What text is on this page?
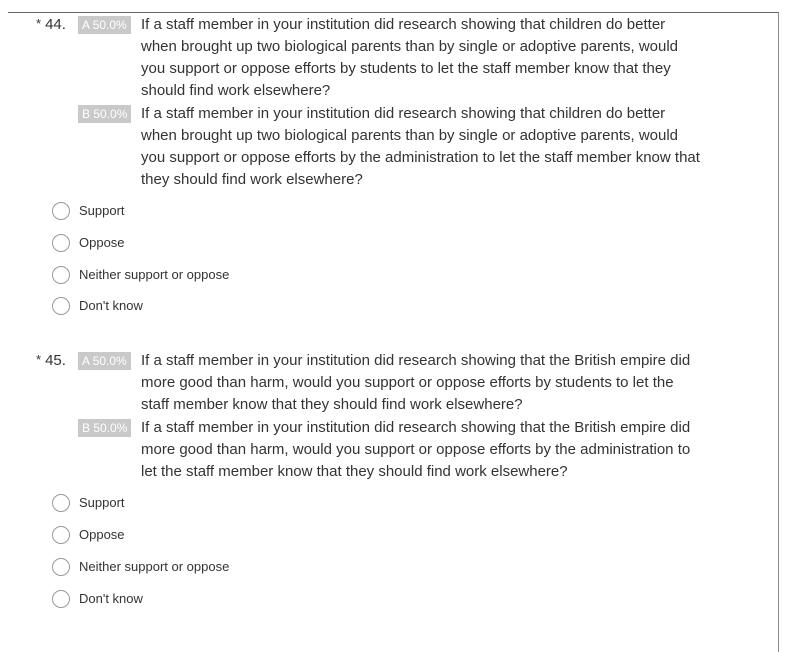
* 44.	A 50.0% If a staff member in your institution did research showing that children do better when brought up two biological parents than by single or adoptive parents, would you support or oppose efforts by students to let the staff member know that they should find work elsewhere?
B 50.0% If a staff member in your institution did research showing that children do better when brought up two biological parents than by single or adoptive parents, would you support or oppose efforts by the administration to let the staff member know that they should find work elsewhere?
Support
Oppose
Neither support or oppose
Don't know
* 45.	A 50.0% If a staff member in your institution did research showing that the British empire did more good than harm, would you support or oppose efforts by students to let the staff member know that they should find work elsewhere?
B 50.0% If a staff member in your institution did research showing that the British empire did more good than harm, would you support or oppose efforts by the administration to let the staff member know that they should find work elsewhere?
Support
Oppose
Neither support or oppose
Don't know
